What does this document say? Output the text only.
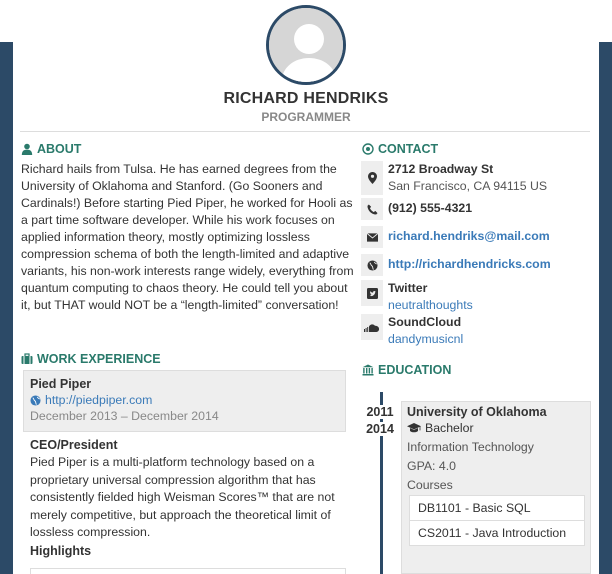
RICHARD HENDRIKS
PROGRAMMER
ABOUT
Richard hails from Tulsa. He has earned degrees from the University of Oklahoma and Stanford. (Go Sooners and Cardinals!) Before starting Pied Piper, he worked for Hooli as a part time software developer. While his work focuses on applied information theory, mostly optimizing lossless compression schema of both the length-limited and adaptive variants, his non-work interests range widely, everything from quantum computing to chaos theory. He could tell you about it, but THAT would NOT be a “length-limited” conversation!
WORK EXPERIENCE
Pied Piper
http://piedpiper.com
December 2013 – December 2014
CEO/President
Pied Piper is a multi-platform technology based on a proprietary universal compression algorithm that has consistently fielded high Weisman Scores™ that are not merely competitive, but approach the theoretical limit of lossless compression.
Highlights
CONTACT
2712 Broadway St
San Francisco, CA 94115 US
(912) 555-4321
richard.hendriks@mail.com
http://richardhendricks.com
Twitter
neutralthoughts
SoundCloud
dandymusicnl
EDUCATION
2011
2014
University of Oklahoma
Bachelor
Information Technology
GPA: 4.0
Courses
DB1101 - Basic SQL
CS2011 - Java Introduction
